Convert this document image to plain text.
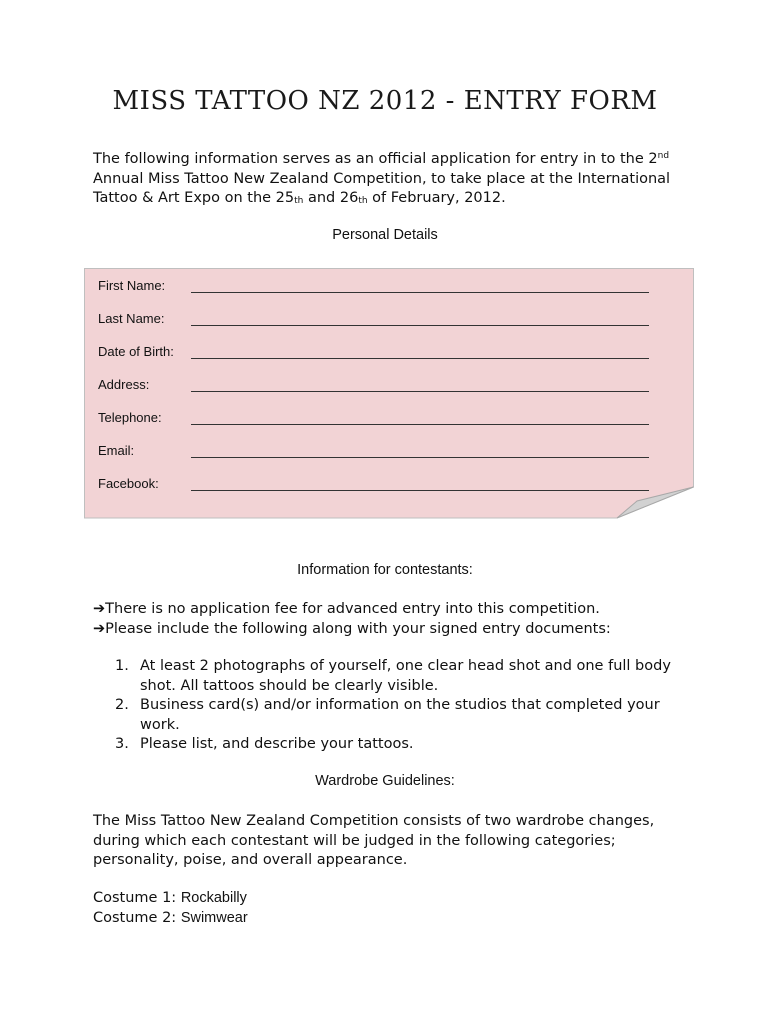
MISS TATTOO NZ 2012 - ENTRY FORM

The following information serves as an official application for entry in to the 2nd Annual Miss Tattoo New Zealand Competition, to take place at the International Tattoo & Art Expo on the $25_{th}$ and $26_{th}$ of February, 2012.

Personal Details
First Name:
Last Name:
Date of Birth:
Address:
Telephone:
Email:
Facebook:
Information for contestants:
➔There is no application fee for advanced entry into this competition.
➔Please include the following along with your signed entry documents:
1. At least 2 photographs of yourself, one clear head shot and one full body shot. All tattoos should be clearly visible.
2. Business card(s) and/or information on the studios that completed your work.
3. Please list, and describe your tattoos.
Wardrobe Guidelines:

The Miss Tattoo New Zealand Competition consists of two wardrobe changes, during which each contestant will be judged in the following categories; personality, poise, and overall appearance.

Costume 1: Rockabilly
Costume 2: Swimwear
